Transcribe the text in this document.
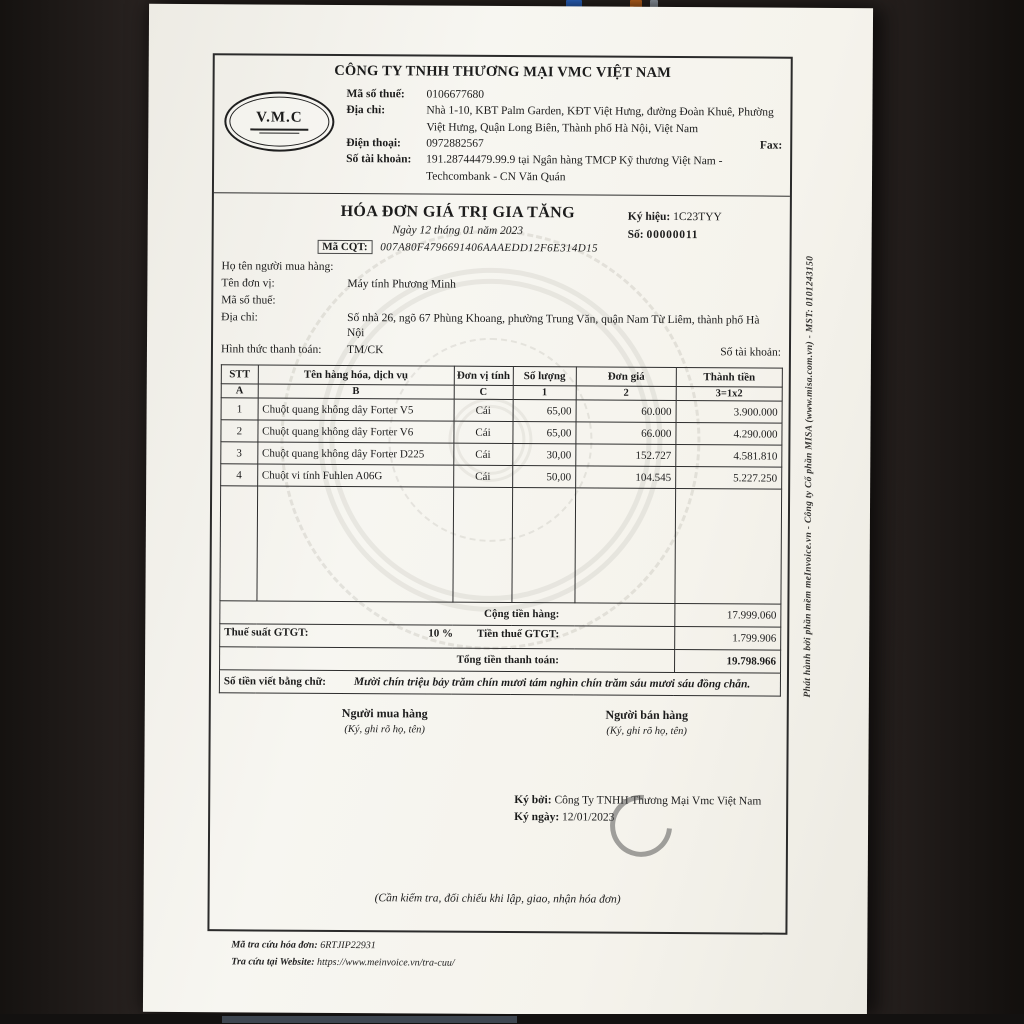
Phát hành bởi phần mềm meInvoice.vn - Công ty Cổ phần MISA (www.misa.com.vn) - MST: 0101243150
CÔNG TY TNHH THƯƠNG MẠI VMC VIỆT NAM
V.M.C
Mã số thuế:	0106677680
Địa chỉ:	Nhà 1-10, KBT Palm Garden, KĐT Việt Hưng, đường Đoàn Khuê, Phường Việt Hưng, Quận Long Biên, Thành phố Hà Nội, Việt Nam
Điện thoại:	0972882567	Fax:
Số tài khoản:	191.28744479.99.9 tại Ngân hàng TMCP Kỹ thương Việt Nam - Techcombank - CN Văn Quán
HÓA ĐƠN GIÁ TRỊ GIA TĂNG
Ngày 12 tháng 01 năm 2023
Mã CQT: 007A80F4796691406AAAEDD12F6E314D15
Ký hiệu: 1C23TYY
Số: 00000011
Họ tên người mua hàng:
Tên đơn vị:	Máy tính Phương Minh
Mã số thuế:
Địa chỉ:	Số nhà 26, ngõ 67 Phùng Khoang, phường Trung Văn, quận Nam Từ Liêm, thành phố Hà Nội
Hình thức thanh toán:	TM/CK	Số tài khoản:
STT	Tên hàng hóa, dịch vụ	Đơn vị tính	Số lượng	Đơn giá	Thành tiền
A	B	C	1	2	3=1x2
1	Chuột quang không dây Forter V5	Cái	65,00	60.000	3.900.000
2	Chuột quang không dây Forter V6	Cái	65,00	66.000	4.290.000
3	Chuột quang không dây Forter D225	Cái	30,00	152.727	4.581.810
4	Chuột vi tính Fuhlen A06G	Cái	50,00	104.545	5.227.250

Cộng tiền hàng:					17.999.060

Thuế suất GTGT: 10 % Tiền thuế GTGT:					1.799.906
Tổng tiền thanh toán:					19.798.966

Số tiền viết bằng chữ: Mười chín triệu bảy trăm chín mươi tám nghìn chín trăm sáu mươi sáu đồng chẵn.					
Người mua hàng
(Ký, ghi rõ họ, tên)
Người bán hàng
(Ký, ghi rõ họ, tên)
Ký bởi: Công Ty TNHH Thương Mại Vmc Việt Nam
Ký ngày: 12/01/2023
(Cần kiểm tra, đối chiếu khi lập, giao, nhận hóa đơn)
Mã tra cứu hóa đơn: 6RTJIP22931
Tra cứu tại Website: https://www.meinvoice.vn/tra-cuu/
